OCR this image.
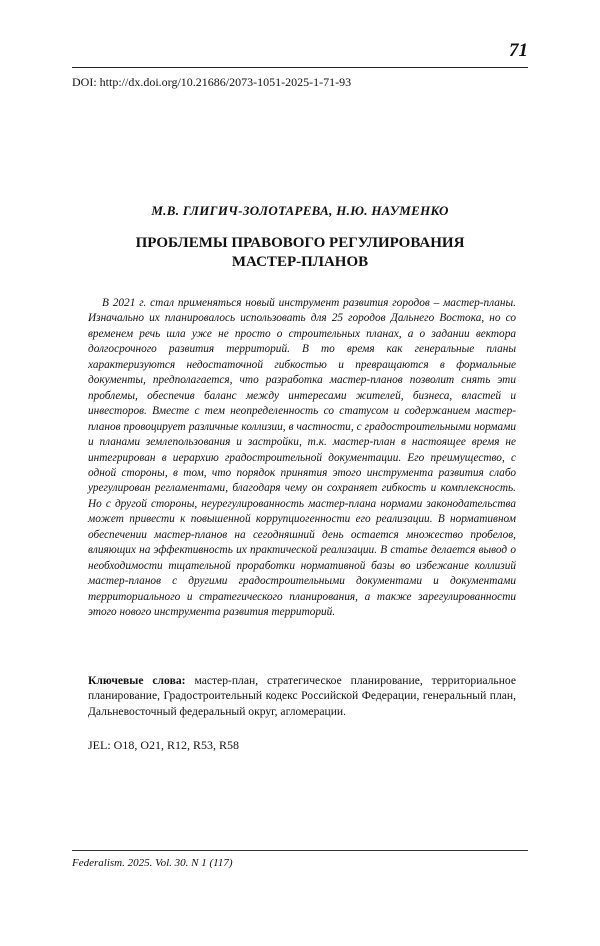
71
DOI: http://dx.doi.org/10.21686/2073-1051-2025-1-71-93
М.В. ГЛИГИЧ-ЗОЛОТАРЕВА, Н.Ю. НАУМЕНКО
ПРОБЛЕМЫ ПРАВОВОГО РЕГУЛИРОВАНИЯ
МАСТЕР-ПЛАНОВ

В 2021 г. стал применяться новый инструмент развития городов – мастер-планы. Изначально их планировалось использовать для 25 городов Дальнего Востока, но со временем речь шла уже не просто о строительных планах, а о задании вектора долгосрочного развития территорий. В то время как генеральные планы характеризуются недостаточной гибкостью и превращаются в формальные документы, предполагается, что разработка мастер-планов позволит снять эти проблемы, обеспечив баланс между интересами жителей, бизнеса, властей и инвесторов. Вместе с тем неопределенность со статусом и содержанием мастер-планов провоцирует различные коллизии, в частности, с градостроительными нормами и планами землепользования и застройки, т.к. мастер-план в настоящее время не интегрирован в иерархию градостроительной документации. Его преимущество, с одной стороны, в том, что порядок принятия этого инструмента развития слабо урегулирован регламентами, благодаря чему он сохраняет гибкость и комплексность. Но с другой стороны, неурегулированность мастер-плана нормами законодательства может привести к повышенной коррупциогенности его реализации. В нормативном обеспечении мастер-планов на сегодняшний день остается множество пробелов, влияющих на эффективность их практической реализации. В статье делается вывод о необходимости тщательной проработки нормативной базы во избежание коллизий мастер-планов с другими градостроительными документами и документами территориального и стратегического планирования, а также зарегулированности этого нового инструмента развития территорий.

Ключевые слова: мастер-план, стратегическое планирование, территориальное планирование, Градостроительный кодекс Российской Федерации, генеральный план, Дальневосточный федеральный округ, агломерации.

JEL: O18, O21, R12, R53, R58
Federalism. 2025. Vol. 30. N 1 (117)
